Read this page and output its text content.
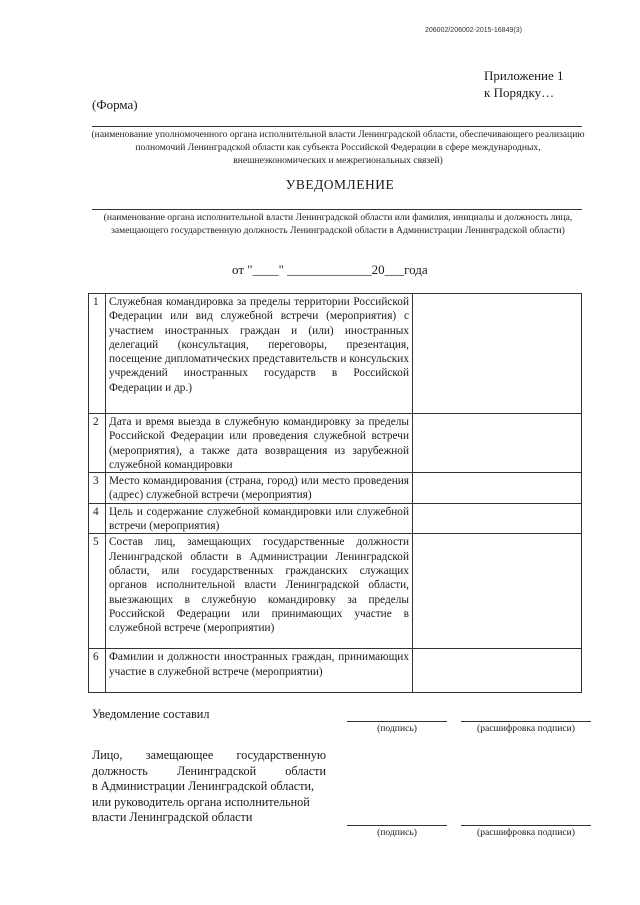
206002/206002-2015-16849(3)
Приложение 1
к Порядку…
(Форма)
(наименование уполномоченного органа исполнительной власти Ленинградской области, обеспечивающего реализацию полномочий Ленинградской области как субъекта Российской Федерации в сфере международных, внешнеэкономических и межрегиональных связей)
УВЕДОМЛЕНИЕ
(наименование органа исполнительной власти Ленинградской области или фамилия, инициалы и должность лица, замещающего государственную должность Ленинградской области в Администрации Ленинградской области)
от "____" _____________20___года
1	Служебная командировка за пределы территории Российской Федерации или вид служебной встречи (мероприятия) с участием иностранных граждан и (или) иностранных делегаций (консультация, переговоры, презентация, посещение дипломатических представительств и консульских учреждений иностранных государств в Российской Федерации и др.)	
2	Дата и время выезда в служебную командировку за пределы Российской Федерации или проведения служебной встречи (мероприятия), а также дата возвращения из зарубежной служебной командировки	
3	Место командирования (страна, город) или место проведения (адрес) служебной встречи (мероприятия)	
4	Цель и содержание служебной командировки или служебной встречи (мероприятия)	
5	Состав лиц, замещающих государственные должности Ленинградской области в Администрации Ленинградской области, или государственных гражданских служащих органов исполнительной власти Ленинградской области, выезжающих в служебную командировку за пределы Российской Федерации или принимающих участие в служебной встрече (мероприятии)	
6	Фамилии и должности иностранных граждан, принимающих участие в служебной встрече (мероприятии)	
Уведомление составил
(подпись)	(расшифровка подписи)
Лицо, замещающее государственную
должность Ленинградской области
в Администрации Ленинградской области,
или руководитель органа исполнительной
власти Ленинградской области
(подпись)	(расшифровка подписи)
